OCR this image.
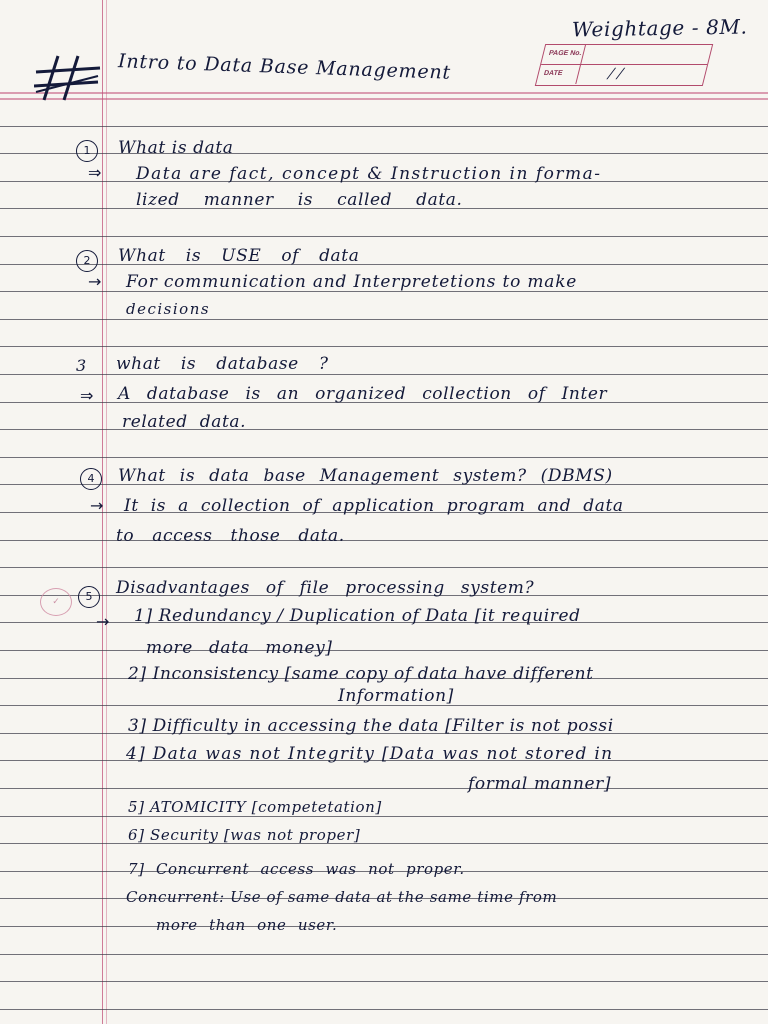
Intro to Data Base Management
Weightage - 8M.
PAGE No.
DATE	/ /
1	What is data
⇒ Data are fact, concept & Instruction in forma-
lized manner is called data.
2	What is USE of data
→ For communication and Interpretetions to make
decisions
3 what is database ?
⇒ A database is an organized collection of Inter
related data.
4	What is data base Management system? (DBMS)
→ It is a collection of application program and data
to access those data.
✓	5	Disadvantages of file processing system?
→ 1] Redundancy / Duplication of Data [it required
more data money]
2] Inconsistency [same copy of data have different
Information]
3] Difficulty in accessing the data [Filter is not possi
4] Data was not Integrity [Data was not stored in
formal manner]
5] ATOMICITY [competetation]
6] Security [was not proper]
7] Concurrent access was not proper.
Concurrent: Use of same data at the same time from
more than one user.
